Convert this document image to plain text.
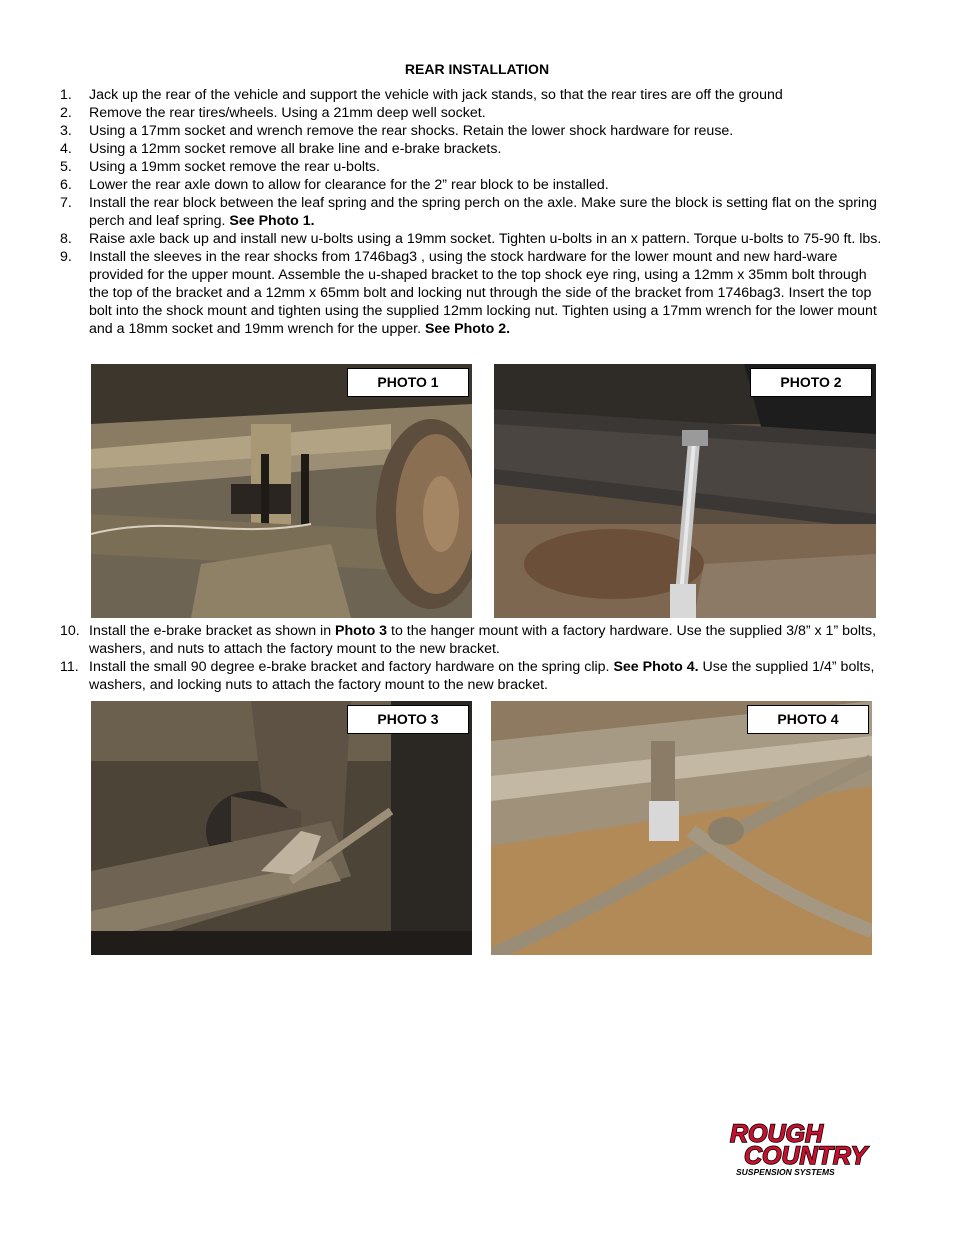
REAR INSTALLATION
1. Jack up the rear of the vehicle and support the vehicle with jack stands, so that the rear tires are off the ground
2. Remove the rear tires/wheels. Using a 21mm deep well socket.
3. Using a 17mm socket and wrench remove the rear shocks. Retain the lower shock hardware for reuse.
4. Using a 12mm socket remove all brake line and e-brake brackets.
5. Using a 19mm socket remove the rear u-bolts.
6. Lower the rear axle down to allow for clearance for the 2” rear block to be installed.
7. Install the rear block between the leaf spring and the spring perch on the axle. Make sure the block is setting flat on the spring perch and leaf spring. See Photo 1.
8. Raise axle back up and install new u-bolts using a 19mm socket. Tighten u-bolts in an x pattern. Torque u-bolts to 75-90 ft. lbs.
9. Install the sleeves in the rear shocks from 1746bag3 , using the stock hardware for the lower mount and new hard-ware provided for the upper mount. Assemble the u-shaped bracket to the top shock eye ring, using a 12mm x 35mm bolt through the top of the bracket and a 12mm x 65mm bolt and locking nut through the side of the bracket from 1746bag3. Insert the top bolt into the shock mount and tighten using the supplied 12mm locking nut. Tighten using a 17mm wrench for the lower mount and a 18mm socket and 19mm wrench for the upper. See Photo 2.
PHOTO 1	PHOTO 2
10. Install the e-brake bracket as shown in Photo 3 to the hanger mount with a factory hardware. Use the supplied 3/8” x 1” bolts, washers, and nuts to attach the factory mount to the new bracket.
11. Install the small 90 degree e-brake bracket and factory hardware on the spring clip. See Photo 4. Use the supplied 1/4” bolts, washers, and locking nuts to attach the factory mount to the new bracket.
PHOTO 3	PHOTO 4
ROUGH
COUNTRY
SUSPENSION SYSTEMS
